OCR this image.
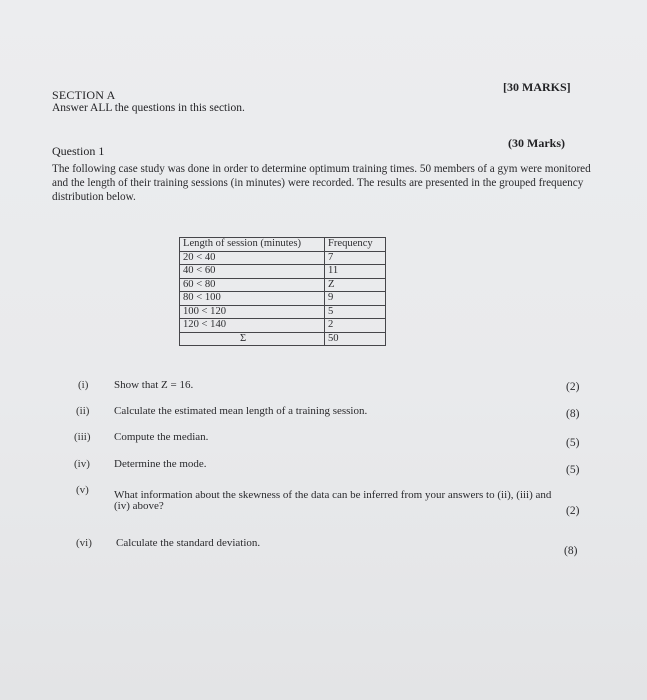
SECTION A
[30 MARKS]
Answer ALL the questions in this section.
Question 1
(30 Marks)
The following case study was done in order to determine optimum training times. 50 members of a gym were monitored and the length of their training sessions (in minutes) were recorded. The results are presented in the grouped frequency distribution below.
Length of session (minutes)	Frequency
20 < 40	7
40 < 60	11
60 < 80	Z
80 < 100	9
100 < 120	5
120 < 140	2
Σ	50
(i) Show that Z = 16.	(2)
(ii) Calculate the estimated mean length of a training session.	(8)
(iii) Compute the median.	(5)
(iv) Determine the mode.	(5)
(v) What information about the skewness of the data can be inferred from your answers to (ii), (iii) and
(iv) above?	(2)
(vi) Calculate the standard deviation.
(8)
